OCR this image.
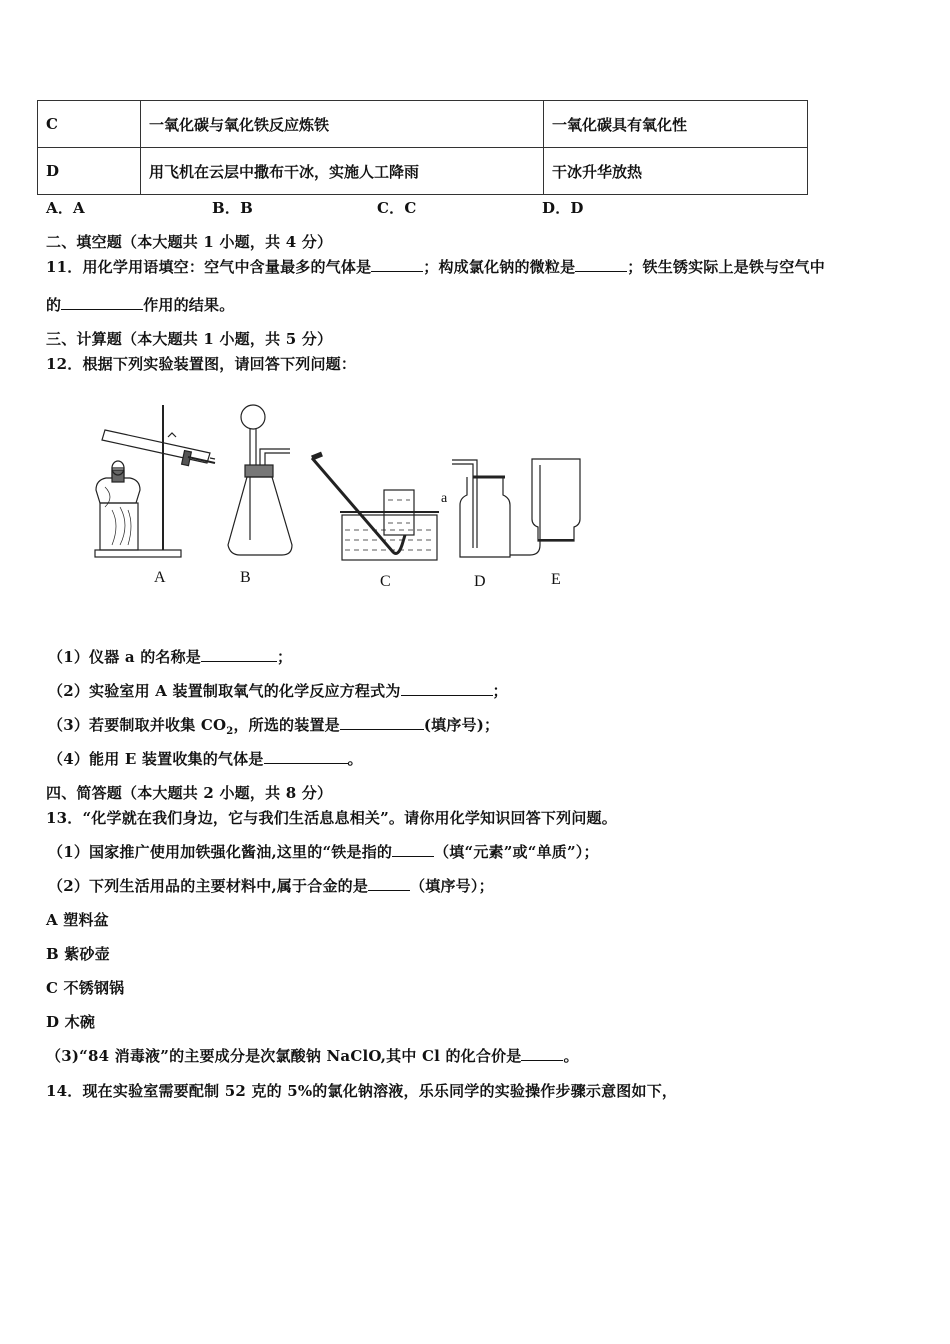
C	一氧化碳与氧化铁反应炼铁	一氧化碳具有氧化性
D	用飞机在云层中撒布干冰，实施人工降雨	干冰升华放热
A．A	B．B	C．C	D．D
二、填空题（本大题共 1 小题，共 4 分）
11．用化学用语填空：空气中含量最多的气体是	；构成氯化钠的微粒是	；铁生锈实际上是铁与空气中
的	作用的结果。
三、计算题（本大题共 1 小题，共 5 分）
12．根据下列实验装置图，请回答下列问题：
A	B	C	D	E
a
（1）仪器 a 的名称是	；
（2）实验室用 A 装置制取氧气的化学反应方程式为	；
（3）若要制取并收集 $CO_2$，所选的装置是	(填序号)；
（4）能用 E 装置收集的气体是	。
四、简答题（本大题共 2 小题，共 8 分）
13．“化学就在我们身边，它与我们生活息息相关”。请你用化学知识回答下列问题。
（1）国家推广使用加铁强化酱油,这里的“铁是指的	（填“元素”或“单质”）；
（2）下列生活用品的主要材料中,属于合金的是	（填序号）；
A 塑料盆
B 紫砂壶
C 不锈钢锅
D 木碗
（3)“84 消毒液”的主要成分是次氯酸钠 NaClO,其中 Cl 的化合价是	。
14．现在实验室需要配制 52 克的 5%的氯化钠溶液，乐乐同学的实验操作步骤示意图如下，
